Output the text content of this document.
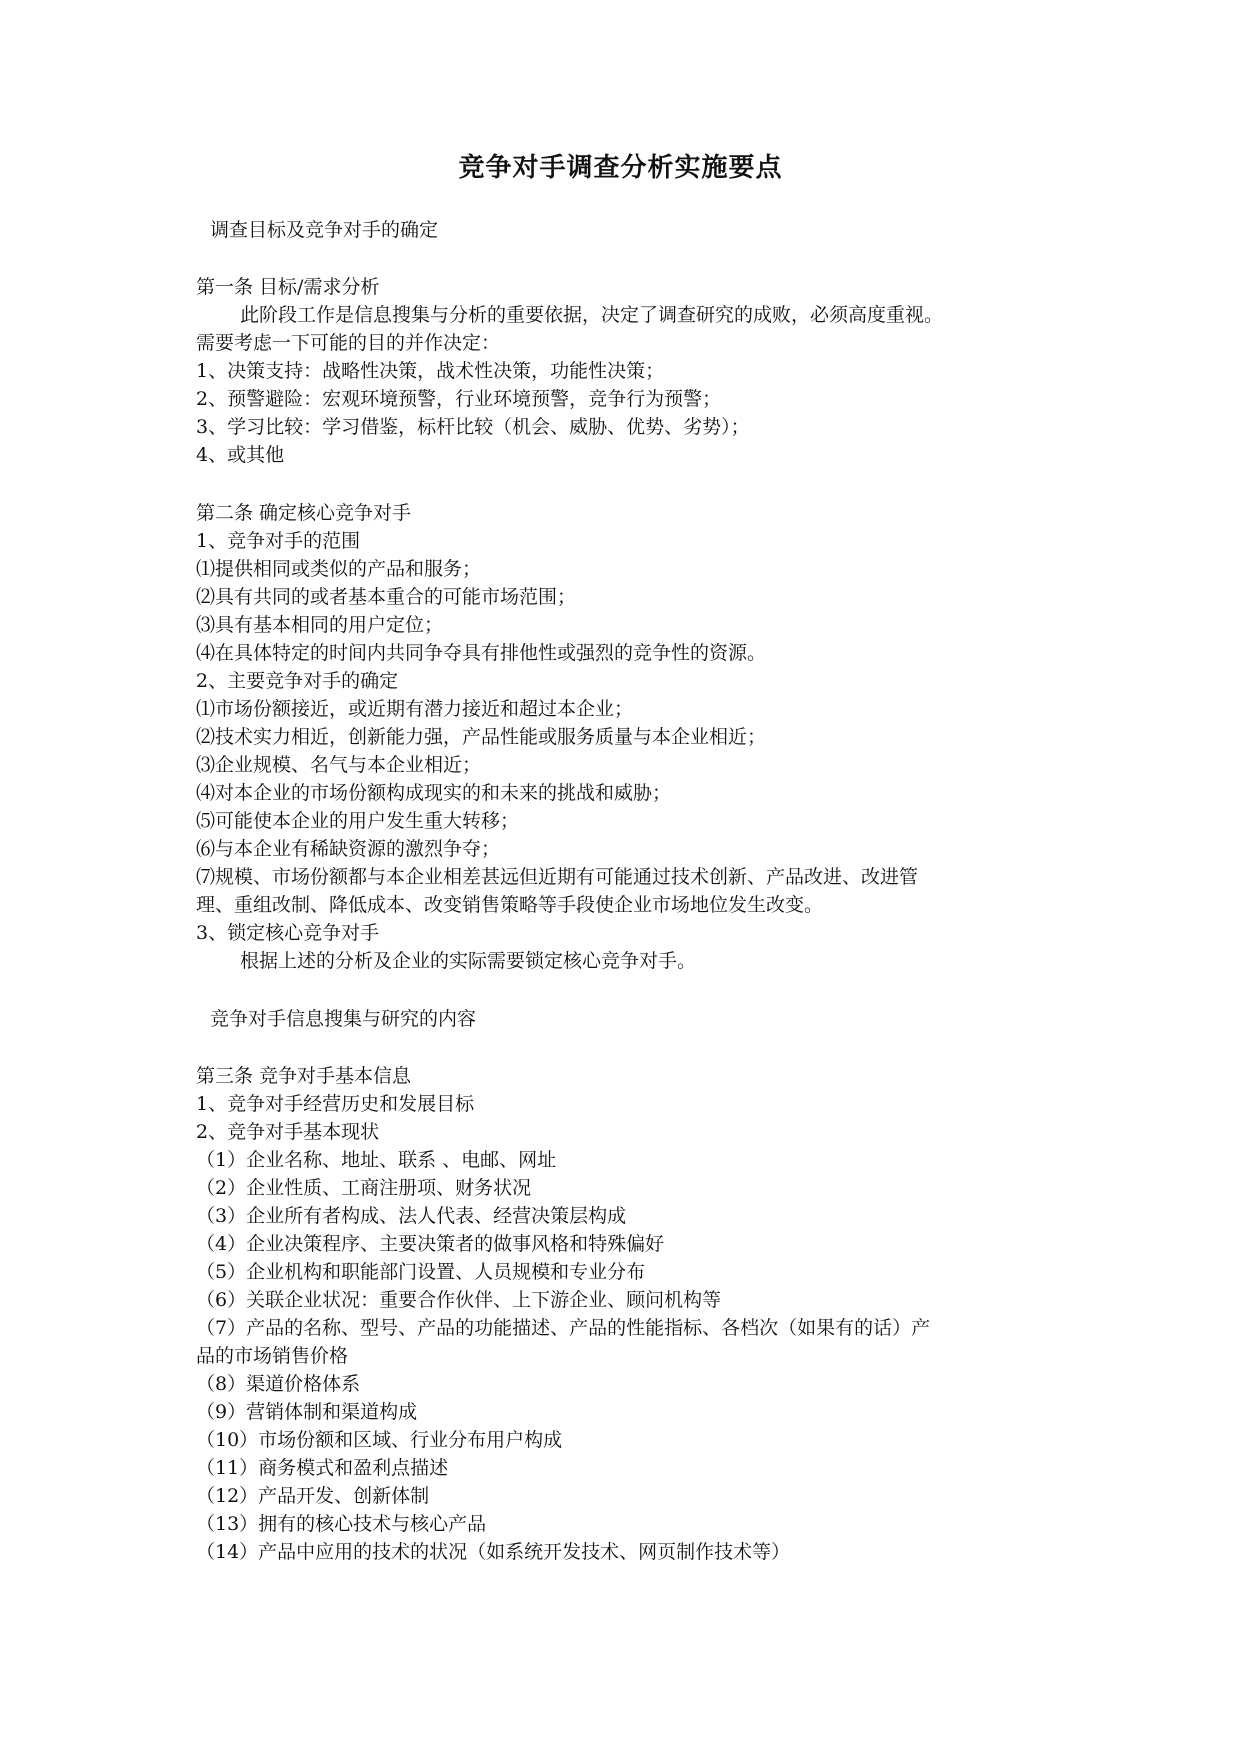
竞争对手调查分析实施要点
调查目标及竞争对手的确定
第一条 目标/需求分析
此阶段工作是信息搜集与分析的重要依据，决定了调查研究的成败，必须高度重视。
需要考虑一下可能的目的并作决定：
1、决策支持：战略性决策，战术性决策，功能性决策；
2、预警避险：宏观环境预警，行业环境预警，竞争行为预警；
3、学习比较：学习借鉴，标杆比较（机会、威胁、优势、劣势）；
4、或其他
第二条 确定核心竞争对手
1、竞争对手的范围
⑴提供相同或类似的产品和服务；
⑵具有共同的或者基本重合的可能市场范围；
⑶具有基本相同的用户定位；
⑷在具体特定的时间内共同争夺具有排他性或强烈的竞争性的资源。
2、主要竞争对手的确定
⑴市场份额接近，或近期有潜力接近和超过本企业；
⑵技术实力相近，创新能力强，产品性能或服务质量与本企业相近；
⑶企业规模、名气与本企业相近；
⑷对本企业的市场份额构成现实的和未来的挑战和威胁；
⑸可能使本企业的用户发生重大转移；
⑹与本企业有稀缺资源的激烈争夺；
⑺规模、市场份额都与本企业相差甚远但近期有可能通过技术创新、产品改进、改进管
理、重组改制、降低成本、改变销售策略等手段使企业市场地位发生改变。
3、锁定核心竞争对手
根据上述的分析及企业的实际需要锁定核心竞争对手。
竞争对手信息搜集与研究的内容
第三条 竞争对手基本信息
1、竞争对手经营历史和发展目标
2、竞争对手基本现状
（1）企业名称、地址、联系 、电邮、网址
（2）企业性质、工商注册项、财务状况
（3）企业所有者构成、法人代表、经营决策层构成
（4）企业决策程序、主要决策者的做事风格和特殊偏好
（5）企业机构和职能部门设置、人员规模和专业分布
（6）关联企业状况：重要合作伙伴、上下游企业、顾问机构等
（7）产品的名称、型号、产品的功能描述、产品的性能指标、各档次（如果有的话）产
品的市场销售价格
（8）渠道价格体系
（9）营销体制和渠道构成
（10）市场份额和区域、行业分布用户构成
（11）商务模式和盈利点描述
（12）产品开发、创新体制
（13）拥有的核心技术与核心产品
（14）产品中应用的技术的状况（如系统开发技术、网页制作技术等）
